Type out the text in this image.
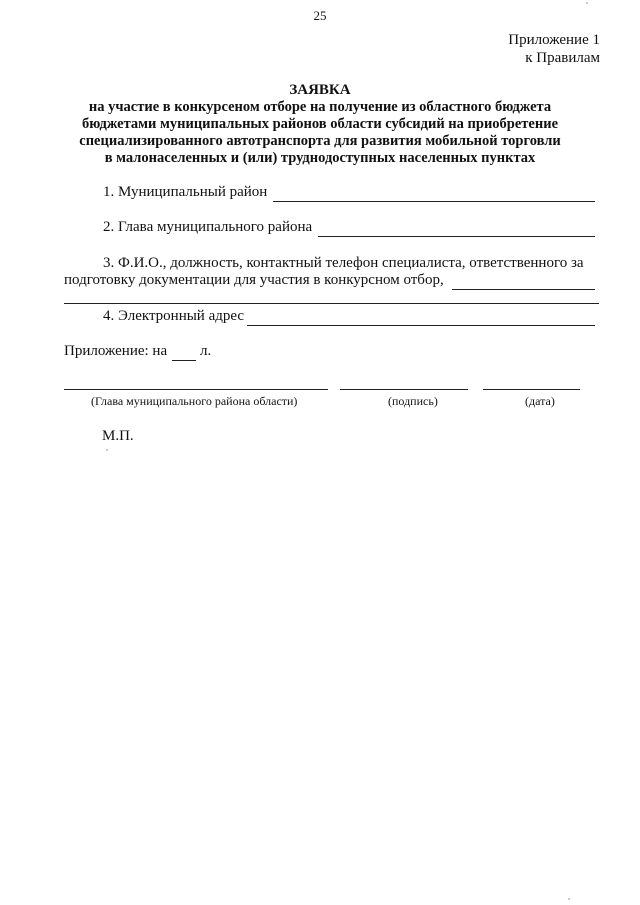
25
Приложение 1
к Правилам
ЗАЯВКА
на участие в конкурсеном отборе на получение из областного бюджета
бюджетами муниципальных районов области субсидий на приобретение
специализированного автотранспорта для развития мобильной торговли
в малонаселенных и (или) труднодоступных населенных пунктах
1. Муниципальный район
2. Глава муниципального района
3. Ф.И.О., должность, контактный телефон специалиста, ответственного за
подготовку документации для участия в конкурсном отбор,
4. Электронный адрес
Приложение: на л.
(Глава муниципального района области)	(подпись)	(дата)
М.П.
